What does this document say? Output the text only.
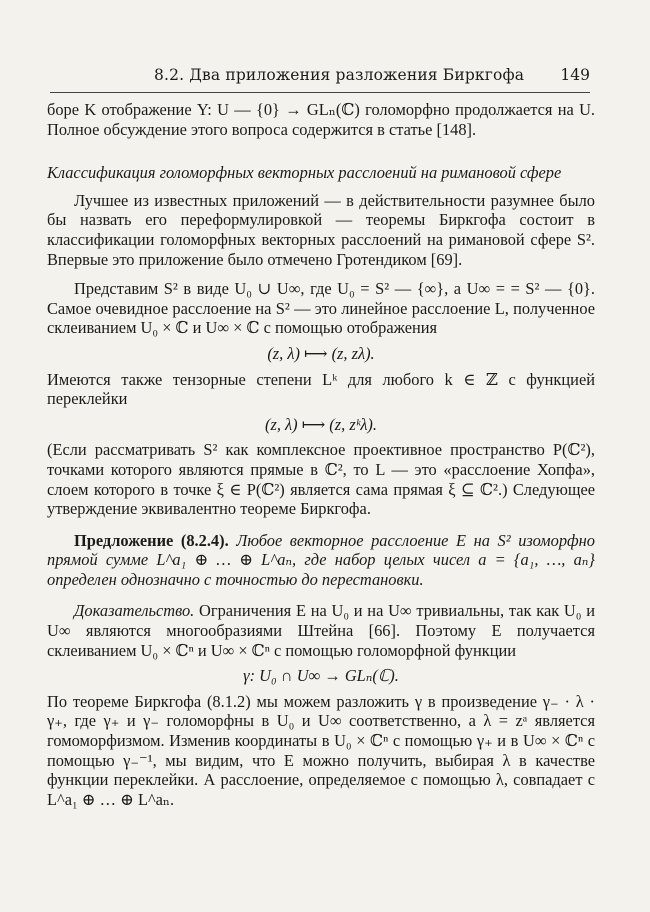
8.2. Два приложения разложения Биркгофа 149

боре K отображение Y: U — {0} → GLₙ(ℂ) голоморфно продолжается на U. Полное обсуждение этого вопроса содержится в статье [148].

Классификация голоморфных векторных расслоений на римановой сфере

Лучшее из известных приложений — в действительности разумнее было бы назвать его переформулировкой — теоремы Биркгофа состоит в классификации голоморфных векторных расслоений на римановой сфере S². Впервые это приложение было отмечено Гротендиком [69].

Представим S² в виде U₀ ∪ U∞, где U₀ = S² — {∞}, а U∞ = = S² — {0}. Самое очевидное расслоение на S² — это линейное расслоение L, полученное склеиванием U₀ × ℂ и U∞ × ℂ с помощью отображения

(z, λ) ⟼ (z, zλ).

Имеются также тензорные степени Lᵏ для любого k ∈ ℤ с функцией переклейки

(z, λ) ⟼ (z, zᵏλ).

(Если рассматривать S² как комплексное проективное пространство P(ℂ²), точками которого являются прямые в ℂ², то L — это «расслоение Хопфа», слоем которого в точке ξ ∈ P(ℂ²) является сама прямая ξ ⊆ ℂ².) Следующее утверждение эквивалентно теореме Биркгофа.

Предложение (8.2.4). Любое векторное расслоение E на S² изоморфно прямой сумме L^a₁ ⊕ … ⊕ L^aₙ, где набор целых чисел a = {a₁, …, aₙ} определен однозначно с точностью до перестановки.

Доказательство. Ограничения E на U₀ и на U∞ тривиальны, так как U₀ и U∞ являются многообразиями Штейна [66]. Поэтому E получается склеиванием U₀ × ℂⁿ и U∞ × ℂⁿ с помощью голоморфной функции

γ: U₀ ∩ U∞ → GLₙ(ℂ).

По теореме Биркгофа (8.1.2) мы можем разложить γ в произведение γ₋ · λ · γ₊, где γ₊ и γ₋ голоморфны в U₀ и U∞ соответственно, а λ = zᵃ является гомоморфизмом. Изменив координаты в U₀ × ℂⁿ с помощью γ₊ и в U∞ × ℂⁿ с помощью γ₋⁻¹, мы видим, что E можно получить, выбирая λ в качестве функции переклейки. А расслоение, определяемое с помощью λ, совпадает с L^a₁ ⊕ … ⊕ L^aₙ.
